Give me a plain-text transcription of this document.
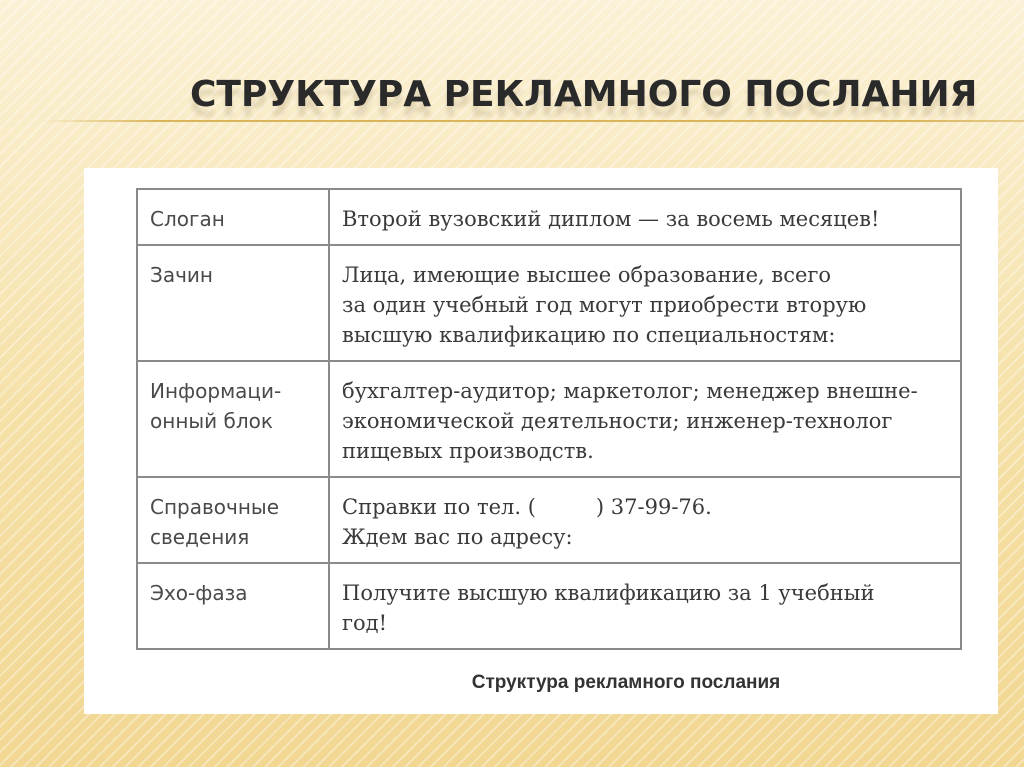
СТРУКТУРА РЕКЛАМНОГО ПОСЛАНИЯ
Слоган	Второй вузовский диплом — за восемь месяцев!
Зачин	Лица, имеющие высшее образование, всего
за один учебный год могут приобрести вторую
высшую квалификацию по специальностям:
Информаци-
онный блок	бухгалтер-аудитор; маркетолог; менеджер внешне-
экономической деятельности; инженер-технолог
пищевых производств.
Справочные
сведения	Справки по тел. ( ) 37-99-76.
Ждем вас по адресу:
Эхо-фаза	Получите высшую квалификацию за 1 учебный
год!
Структура рекламного послания
